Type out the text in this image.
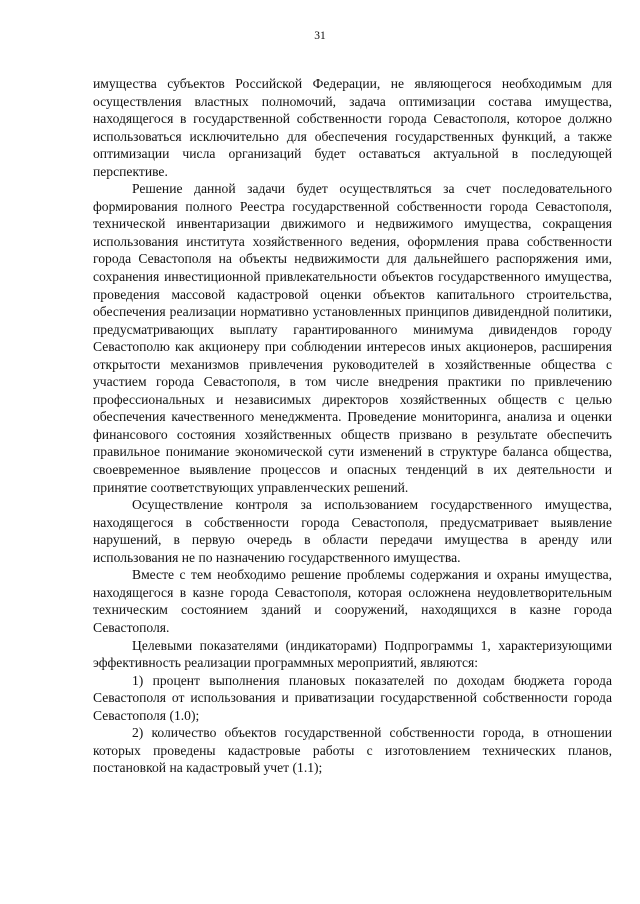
31

имущества субъектов Российской Федерации, не являющегося необходимым для осуществления властных полномочий, задача оптимизации состава имущества, находящегося в государственной собственности города Севастополя, которое должно использоваться исключительно для обеспечения государственных функций, а также оптимизации числа организаций будет оставаться актуальной в последующей перспективе.

Решение данной задачи будет осуществляться за счет последовательного формирования полного Реестра государственной собственности города Севастополя, технической инвентаризации движимого и недвижимого имущества, сокращения использования института хозяйственного ведения, оформления права собственности города Севастополя на объекты недвижимости для дальнейшего распоряжения ими, сохранения инвестиционной привлекательности объектов государственного имущества, проведения массовой кадастровой оценки объектов капитального строительства, обеспечения реализации нормативно установленных принципов дивидендной политики, предусматривающих выплату гарантированного минимума дивидендов городу Севастополю как акционеру при соблюдении интересов иных акционеров, расширения открытости механизмов привлечения руководителей в хозяйственные общества с участием города Севастополя, в том числе внедрения практики по привлечению профессиональных и независимых директоров хозяйственных обществ с целью обеспечения качественного менеджмента. Проведение мониторинга, анализа и оценки финансового состояния хозяйственных обществ призвано в результате обеспечить правильное понимание экономической сути изменений в структуре баланса общества, своевременное выявление процессов и опасных тенденций в их деятельности и принятие соответствующих управленческих решений.

Осуществление контроля за использованием государственного имущества, находящегося в собственности города Севастополя, предусматривает выявление нарушений, в первую очередь в области передачи имущества в аренду или использования не по назначению государственного имущества.

Вместе с тем необходимо решение проблемы содержания и охраны имущества, находящегося в казне города Севастополя, которая осложнена неудовлетворительным техническим состоянием зданий и сооружений, находящихся в казне города Севастополя.

Целевыми показателями (индикаторами) Подпрограммы 1, характеризующими эффективность реализации программных мероприятий, являются:

1) процент выполнения плановых показателей по доходам бюджета города Севастополя от использования и приватизации государственной собственности города Севастополя (1.0);

2) количество объектов государственной собственности города, в отношении которых проведены кадастровые работы с изготовлением технических планов, постановкой на кадастровый учет (1.1);
